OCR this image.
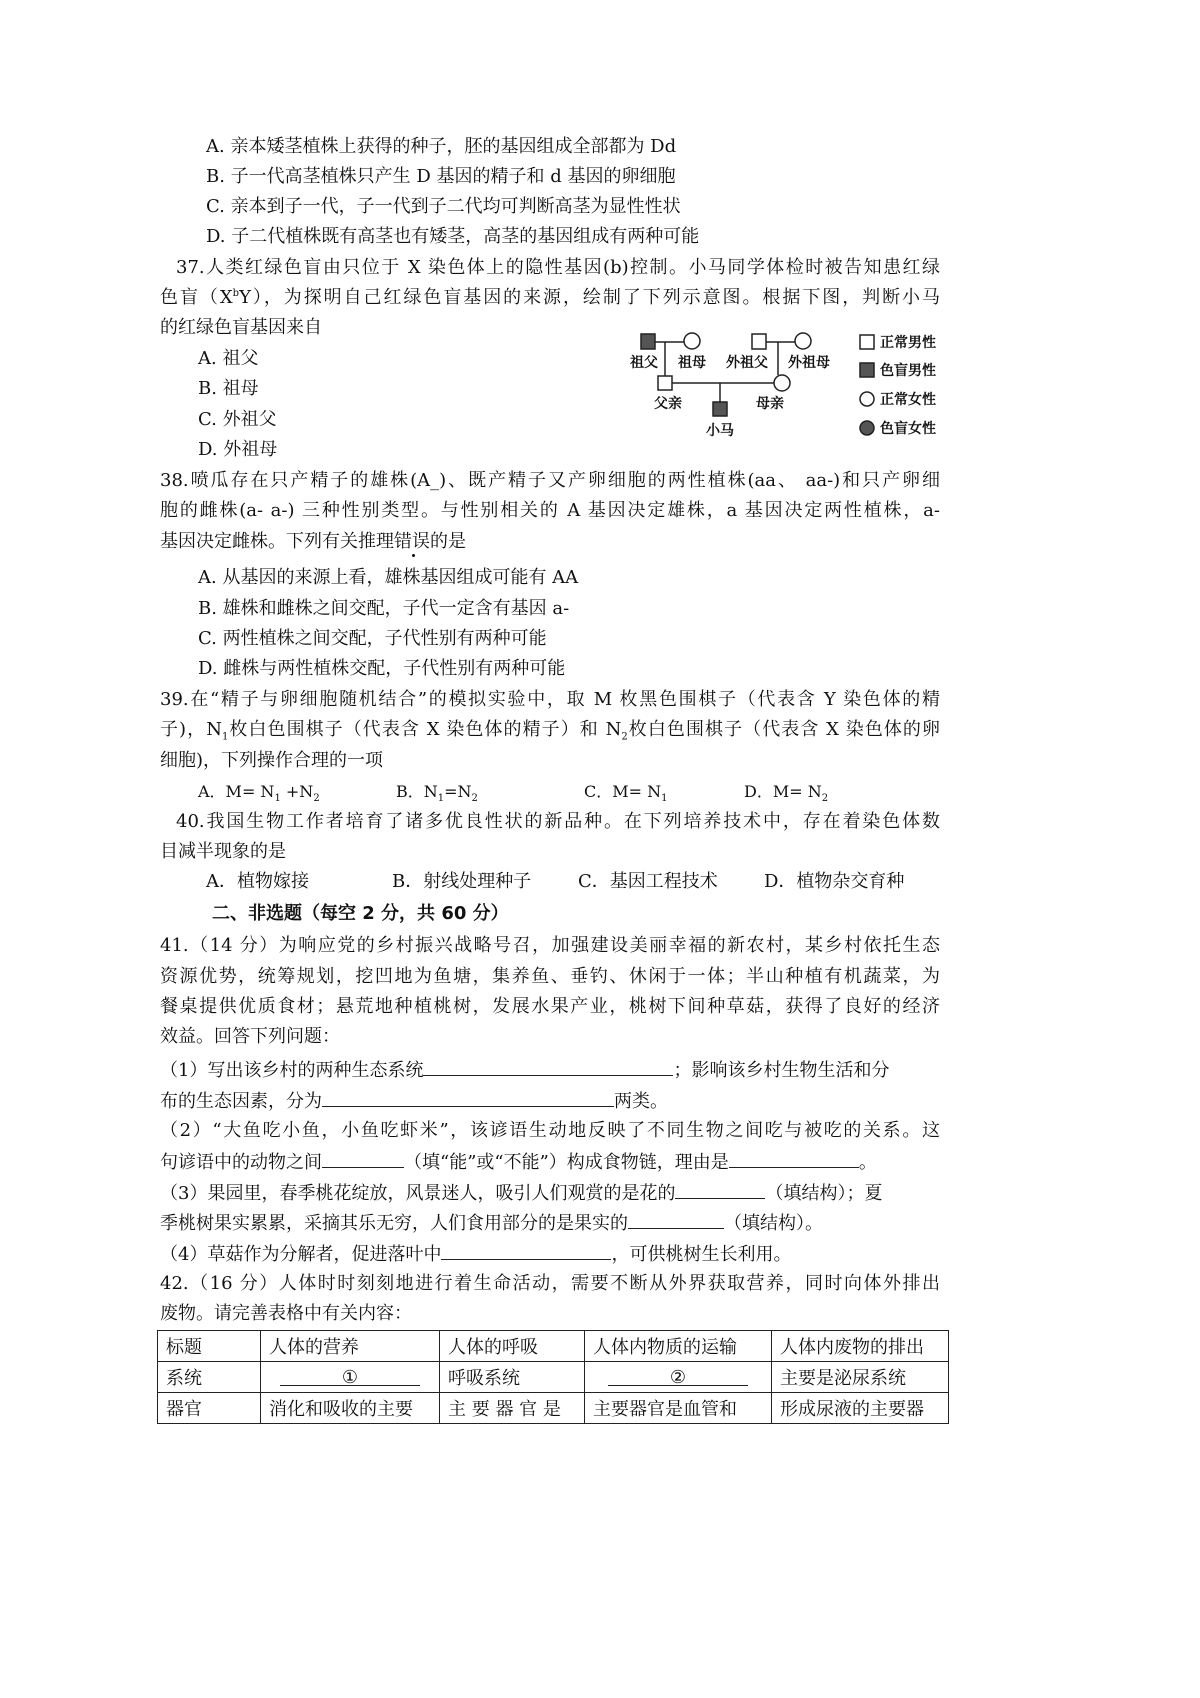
A. 亲本矮茎植株上获得的种子，胚的基因组成全部都为 Dd
B. 子一代高茎植株只产生 D 基因的精子和 d 基因的卵细胞
C. 亲本到子一代，子一代到子二代均可判断高茎为显性性状
D. 子二代植株既有高茎也有矮茎，高茎的基因组成有两种可能
37.人类红绿色盲由只位于 X 染色体上的隐性基因(b)控制。小马同学体检时被告知患红绿
色盲$(X^bY)$，为探明自己红绿色盲基因的来源，绘制了下列示意图。根据下图，判断小马
的红绿色盲基因来自
A. 祖父
B. 祖母
C. 外祖父
D. 外祖母
祖父 祖母 外祖父 外祖母
父亲	母亲
小马
正常男性
色盲男性
正常女性
色盲女性
38.喷瓜存在只产精子的雄株(A_)、既产精子又产卵细胞的两性植株(aa、 aa-)和只产卵细
胞的雌株(a- a-) 三种性别类型。与性别相关的 A 基因决定雄株，a 基因决定两性植株，a-
基因决定雌株。下列有关推理错误的是
A. 从基因的来源上看，雄株基因组成可能有 AA
B. 雄株和雌株之间交配，子代一定含有基因 a-
C. 两性植株之间交配，子代性别有两种可能
D. 雌株与两性植株交配，子代性别有两种可能
39.在“精子与卵细胞随机结合”的模拟实验中，取 M 枚黑色围棋子（代表含 Y 染色体的精
子)，$N_1$枚白色围棋子（代表含 X 染色体的精子）和 $N_2$枚白色围棋子（代表含 X 染色体的卵
细胞)，下列操作合理的一项
A．$M= N_1 +N_2$	B．$N_1=N_2$	C．$M= N_1$	D．$M= N_2$
40.我国生物工作者培育了诸多优良性状的新品种。在下列培养技术中，存在着染色体数
目减半现象的是
A．植物嫁接	B．射线处理种子	C．基因工程技术	D．植物杂交育种
二、非选题（每空 2 分，共 60 分）
41.（14 分）为响应党的乡村振兴战略号召，加强建设美丽幸福的新农村，某乡村依托生态
资源优势，统筹规划，挖凹地为鱼塘，集养鱼、垂钓、休闲于一体；半山种植有机蔬菜，为
餐桌提供优质食材；悬荒地种植桃树，发展水果产业，桃树下间种草菇，获得了良好的经济
效益。回答下列问题：
（1）写出该乡村的两种生态系统	；影响该乡村生物生活和分
布的生态因素，分为	两类。
（2）“大鱼吃小鱼，小鱼吃虾米”，该谚语生动地反映了不同生物之间吃与被吃的关系。这
句谚语中的动物之间	（填“能”或“不能”）构成食物链，理由是	。
（3）果园里，春季桃花绽放，风景迷人，吸引人们观赏的是花的	（填结构）；夏
季桃树果实累累，采摘其乐无穷，人们食用部分的是果实的	（填结构）。
（4）草菇作为分解者，促进落叶中	，可供桃树生长利用。
42.（16 分）人体时时刻刻地进行着生命活动，需要不断从外界获取营养，同时向体外排出
废物。请完善表格中有关内容：
标题	人体的营养	人体的呼吸	人体内物质的运输	人体内废物的排出
系统	①	呼吸系统	②	主要是泌尿系统
器官	消化和吸收的主要	主 要 器 官 是	主要器官是血管和	形成尿液的主要器
